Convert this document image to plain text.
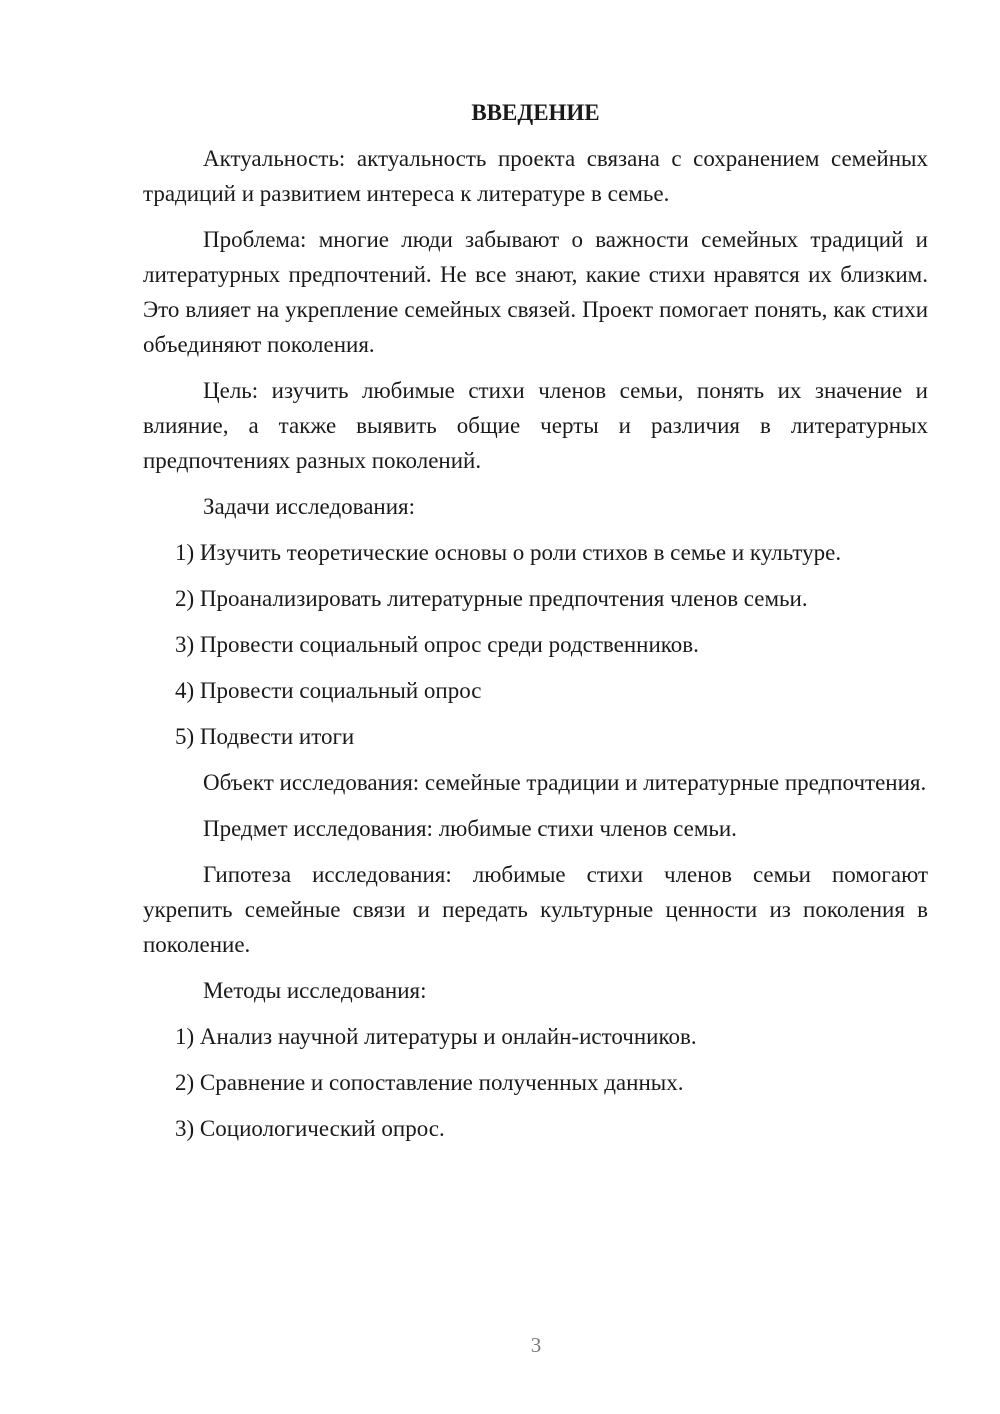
ВВЕДЕНИЕ

Актуальность: актуальность проекта связана с сохранением семейных традиций и развитием интереса к литературе в семье.

Проблема: многие люди забывают о важности семейных традиций и литературных предпочтений. Не все знают, какие стихи нравятся их близким. Это влияет на укрепление семейных связей. Проект помогает понять, как стихи объединяют поколения.

Цель: изучить любимые стихи членов семьи, понять их значение и влияние, а также выявить общие черты и различия в литературных предпочтениях разных поколений.

Задачи исследования:

1) Изучить теоретические основы о роли стихов в семье и культуре.
2) Проанализировать литературные предпочтения членов семьи.
3) Провести социальный опрос среди родственников.
4) Провести социальный опрос
5) Подвести итоги

Объект исследования: семейные традиции и литературные предпочтения.

Предмет исследования: любимые стихи членов семьи.

Гипотеза исследования: любимые стихи членов семьи помогают укрепить семейные связи и передать культурные ценности из поколения в поколение.

Методы исследования:

1) Анализ научной литературы и онлайн-источников.
2) Сравнение и сопоставление полученных данных.
3) Социологический опрос.
3
